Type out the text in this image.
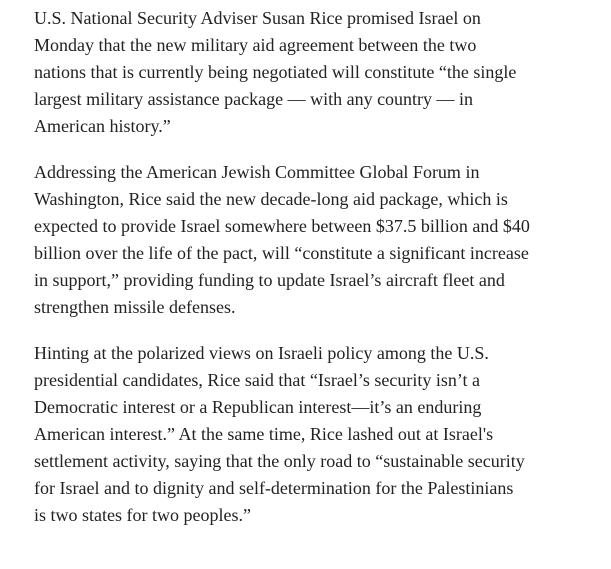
U.S. National Security Adviser Susan Rice promised Israel on
Monday that the new military aid agreement between the two
nations that is currently being negotiated will constitute “the single
largest military assistance package — with any country — in
American history.”

Addressing the American Jewish Committee Global Forum in
Washington, Rice said the new decade-long aid package, which is
expected to provide Israel somewhere between $37.5 billion and $40
billion over the life of the pact, will “constitute a significant increase
in support,” providing funding to update Israel’s aircraft fleet and
strengthen missile defenses.

Hinting at the polarized views on Israeli policy among the U.S.
presidential candidates, Rice said that “Israel’s security isn’t a
Democratic interest or a Republican interest—it’s an enduring
American interest.” At the same time, Rice lashed out at Israel's
settlement activity, saying that the only road to “sustainable security
for Israel and to dignity and self-determination for the Palestinians
is two states for two peoples.”
